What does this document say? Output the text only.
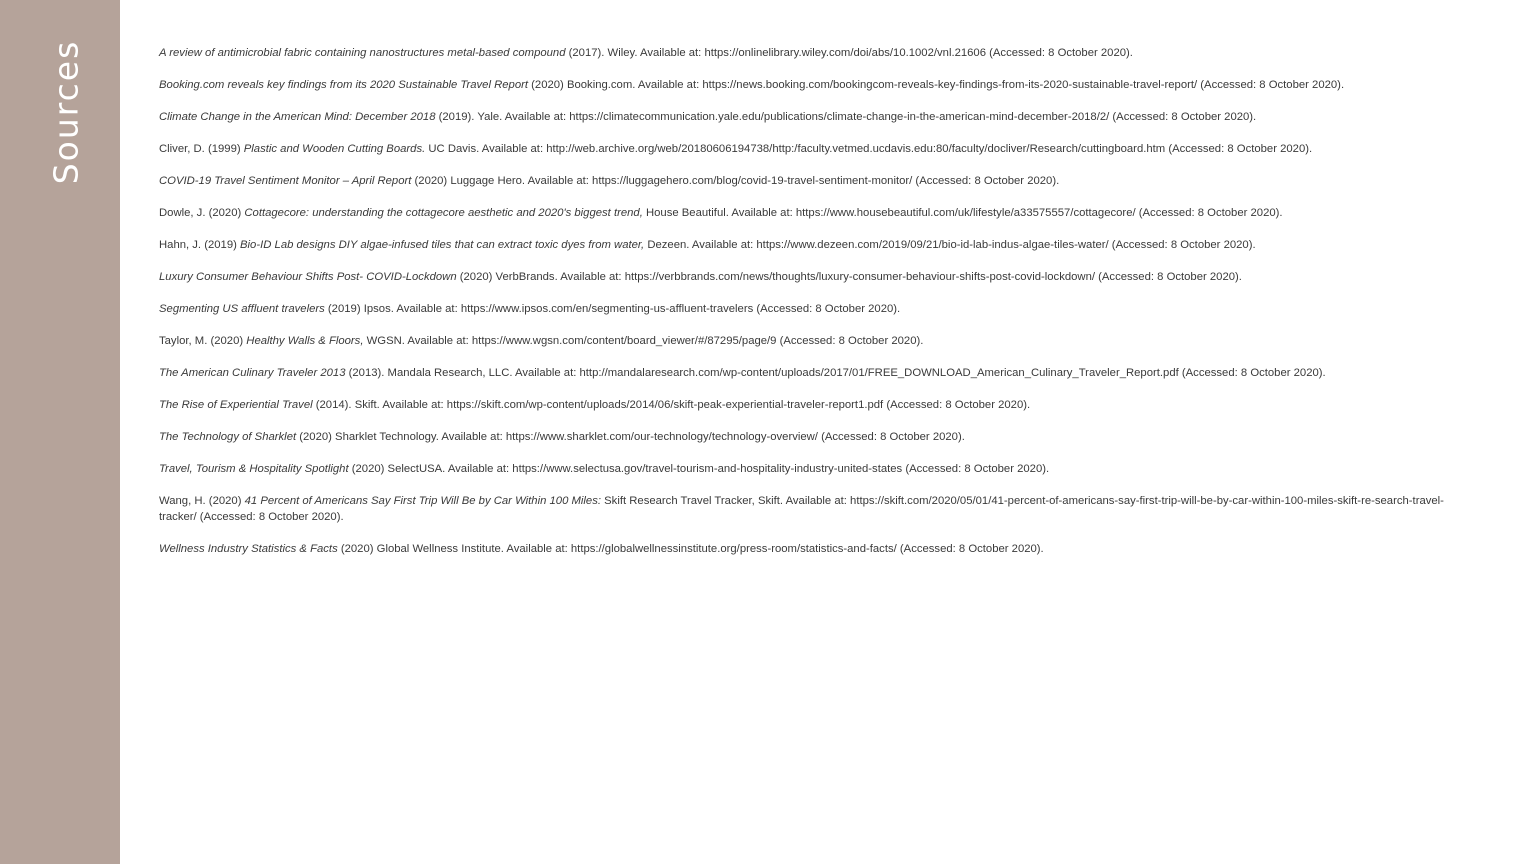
Sources	A review of antimicrobial fabric containing nanostructures metal-based compound (2017). Wiley. Available at: https://onlinelibrary.wiley.com/doi/abs/10.1002/vnl.21606 (Accessed: 8 October 2020).
Booking.com reveals key findings from its 2020 Sustainable Travel Report (2020) Booking.com. Available at: https://news.booking.com/bookingcom-reveals-key-findings-from-its-2020-sustainable-travel-report/ (Accessed: 8 October 2020).
Climate Change in the American Mind: December 2018 (2019). Yale. Available at: https://climatecommunication.yale.edu/publications/climate-change-in-the-american-mind-december-2018/2/ (Accessed: 8 October 2020).
Cliver, D. (1999) Plastic and Wooden Cutting Boards. UC Davis. Available at: http://web.archive.org/web/20180606194738/http:/faculty.vetmed.ucdavis.edu:80/faculty/docliver/Research/cuttingboard.htm (Accessed: 8 October 2020).
COVID-19 Travel Sentiment Monitor – April Report (2020) Luggage Hero. Available at: https://luggagehero.com/blog/covid-19-travel-sentiment-monitor/ (Accessed: 8 October 2020).
Dowle, J. (2020) Cottagecore: understanding the cottagecore aesthetic and 2020's biggest trend, House Beautiful. Available at: https://www.housebeautiful.com/uk/lifestyle/a33575557/cottagecore/ (Accessed: 8 October 2020).
Hahn, J. (2019) Bio-ID Lab designs DIY algae-infused tiles that can extract toxic dyes from water, Dezeen. Available at: https://www.dezeen.com/2019/09/21/bio-id-lab-indus-algae-tiles-water/ (Accessed: 8 October 2020).
Luxury Consumer Behaviour Shifts Post- COVID-Lockdown (2020) VerbBrands. Available at: https://verbbrands.com/news/thoughts/luxury-consumer-behaviour-shifts-post-covid-lockdown/ (Accessed: 8 October 2020).
Segmenting US affluent travelers (2019) Ipsos. Available at: https://www.ipsos.com/en/segmenting-us-affluent-travelers (Accessed: 8 October 2020).
Taylor, M. (2020) Healthy Walls & Floors, WGSN. Available at: https://www.wgsn.com/content/board_viewer/#/87295/page/9 (Accessed: 8 October 2020).
The American Culinary Traveler 2013 (2013). Mandala Research, LLC. Available at: http://mandalaresearch.com/wp-content/uploads/2017/01/FREE_DOWNLOAD_American_Culinary_Traveler_Report.pdf (Accessed: 8 October 2020).
The Rise of Experiential Travel (2014). Skift. Available at: https://skift.com/wp-content/uploads/2014/06/skift-peak-experiential-traveler-report1.pdf (Accessed: 8 October 2020).
The Technology of Sharklet (2020) Sharklet Technology. Available at: https://www.sharklet.com/our-technology/technology-overview/ (Accessed: 8 October 2020).
Travel, Tourism & Hospitality Spotlight (2020) SelectUSA. Available at: https://www.selectusa.gov/travel-tourism-and-hospitality-industry-united-states (Accessed: 8 October 2020).
Wang, H. (2020) 41 Percent of Americans Say First Trip Will Be by Car Within 100 Miles: Skift Research Travel Tracker, Skift. Available at: https://skift.com/2020/05/01/41-percent-of-americans-say-first-trip-will-be-by-car-within-100-miles-skift-re-search-travel-tracker/ (Accessed: 8 October 2020).
Wellness Industry Statistics & Facts (2020) Global Wellness Institute. Available at: https://globalwellnessinstitute.org/press-room/statistics-and-facts/ (Accessed: 8 October 2020).
